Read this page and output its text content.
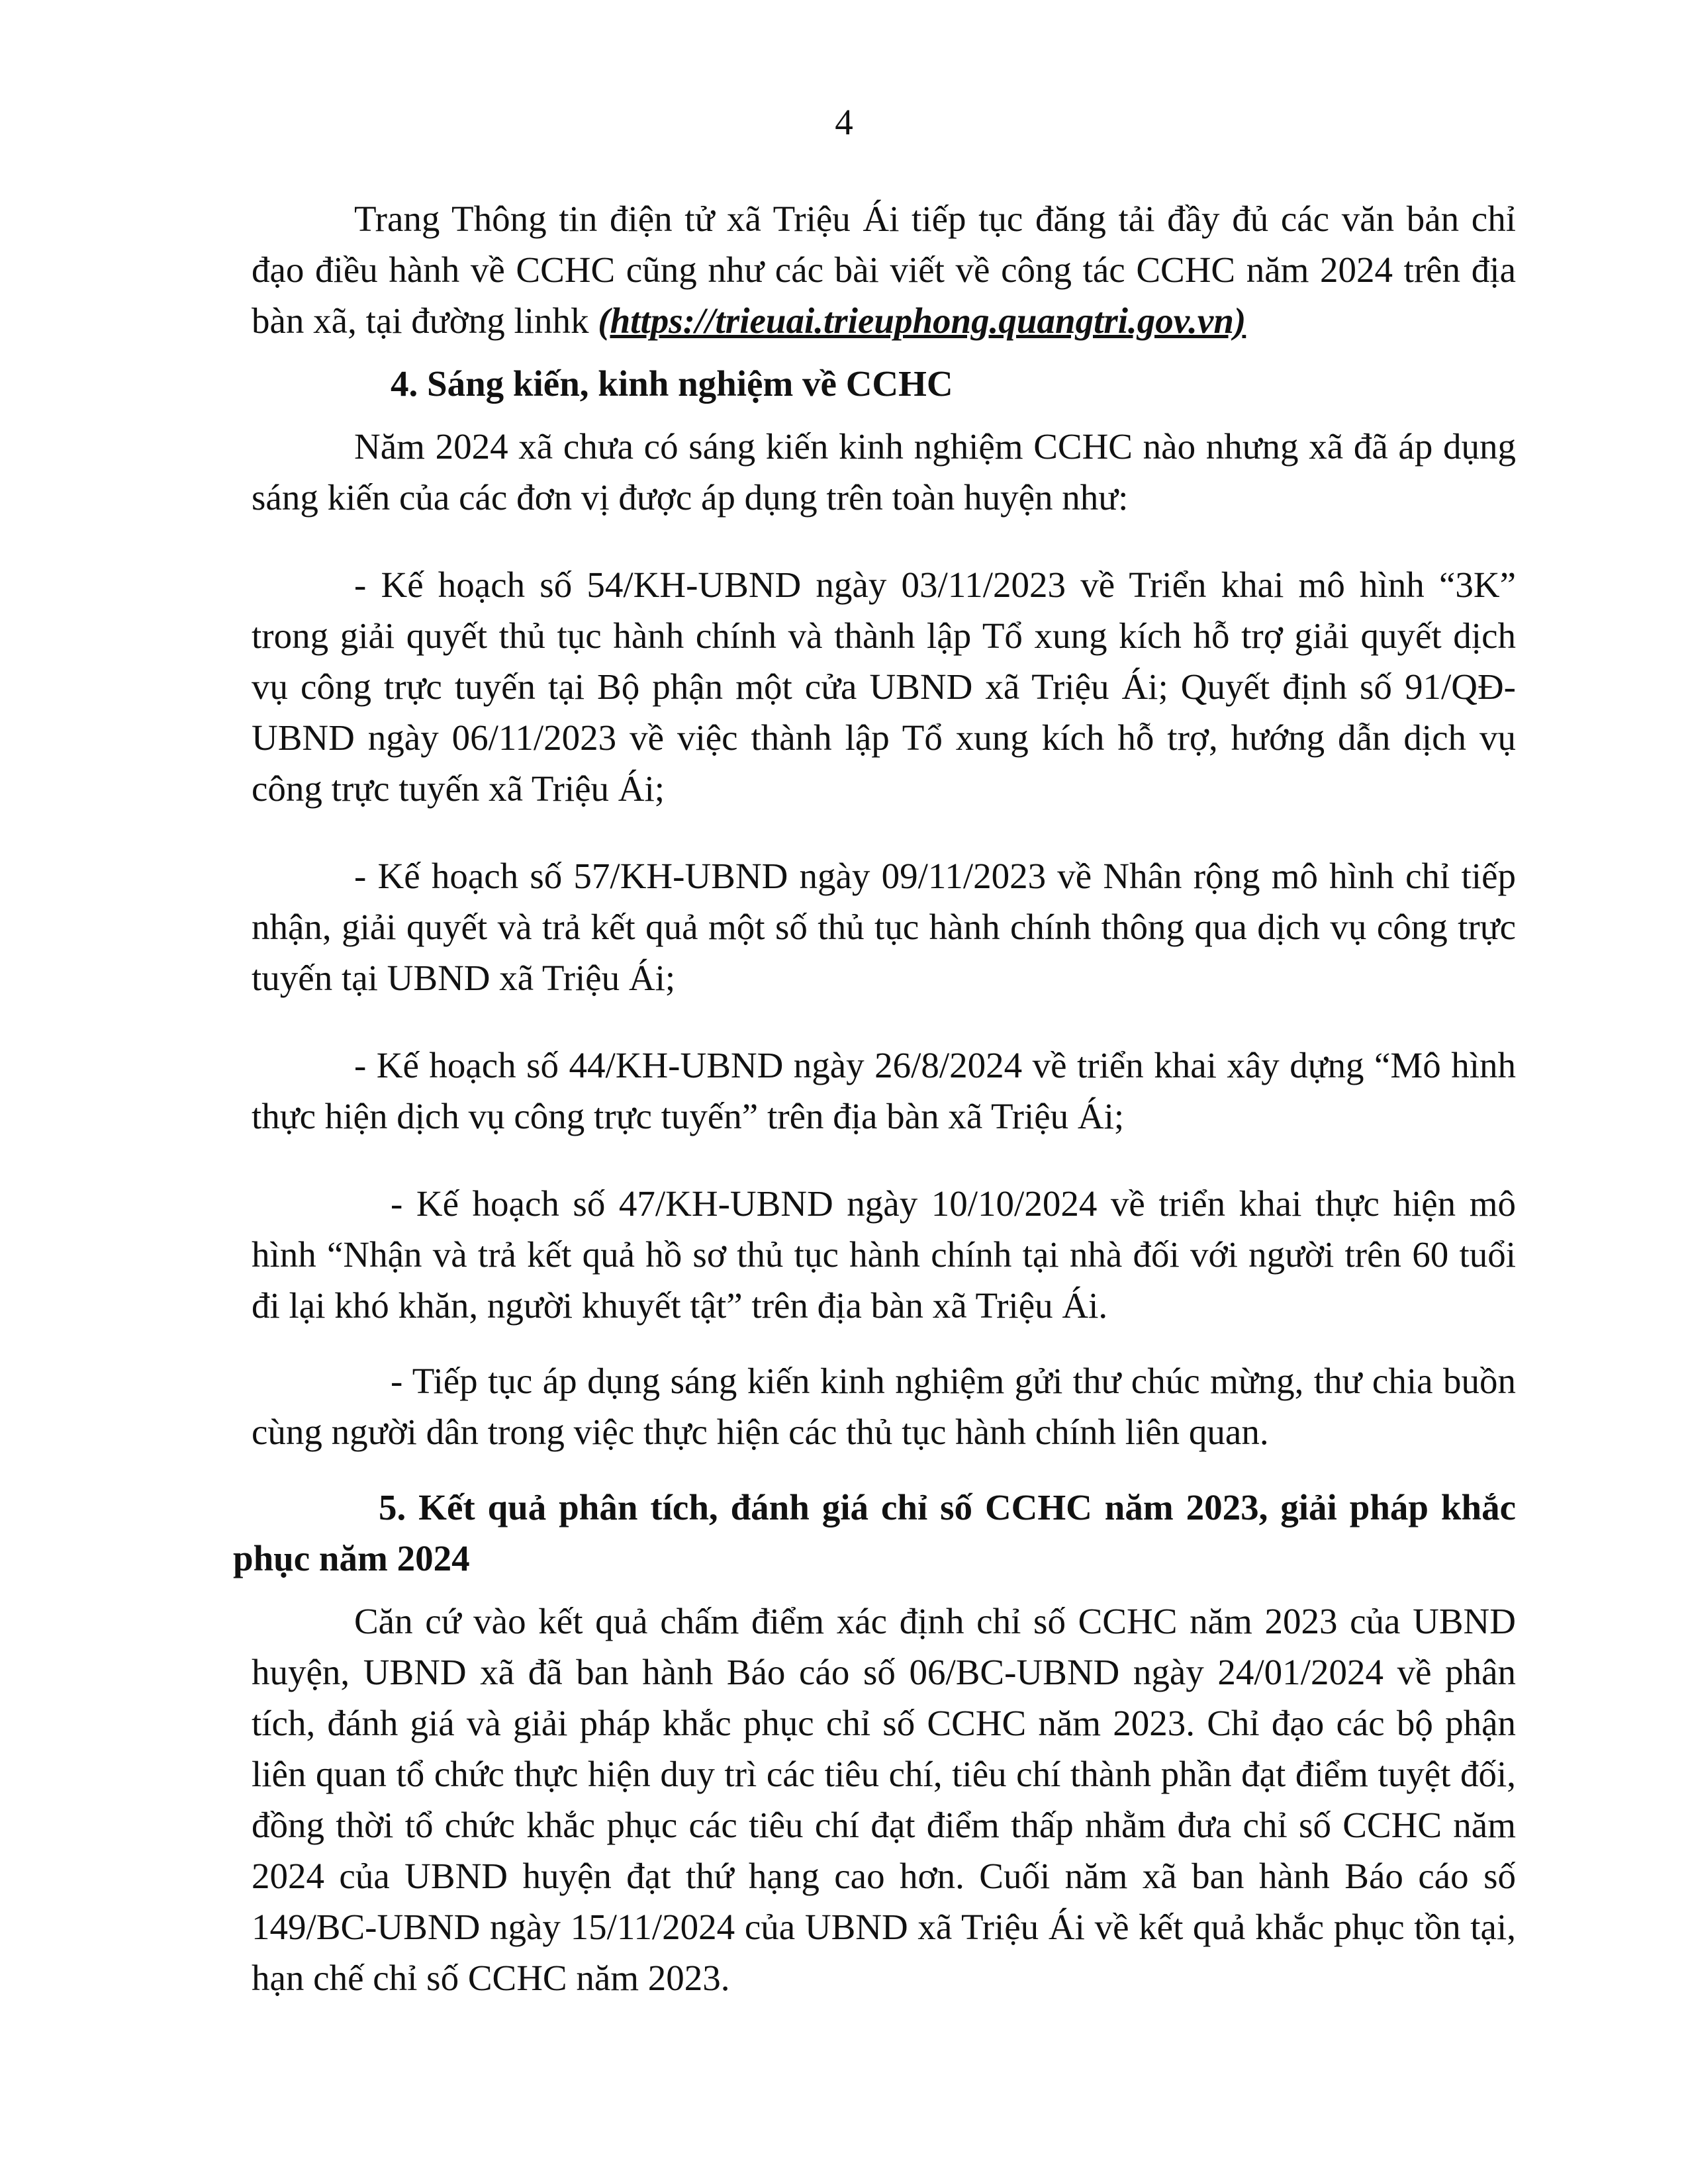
4

Trang Thông tin điện tử xã Triệu Ái tiếp tục đăng tải đầy đủ các văn bản chỉ đạo điều hành về CCHC cũng như các bài viết về công tác CCHC năm 2024 trên địa bàn xã, tại đường linhk (https://trieuai.trieuphong.quangtri.gov.vn)

4. Sáng kiến, kinh nghiệm về CCHC

Năm 2024 xã chưa có sáng kiến kinh nghiệm CCHC nào nhưng xã đã áp dụng sáng kiến của các đơn vị được áp dụng trên toàn huyện như:

- Kế hoạch số 54/KH-UBND ngày 03/11/2023 về Triển khai mô hình “3K” trong giải quyết thủ tục hành chính và thành lập Tổ xung kích hỗ trợ giải quyết dịch vụ công trực tuyến tại Bộ phận một cửa UBND xã Triệu Ái; Quyết định số 91/QĐ-UBND ngày 06/11/2023 về việc thành lập Tổ xung kích hỗ trợ, hướng dẫn dịch vụ công trực tuyến xã Triệu Ái;

- Kế hoạch số 57/KH-UBND ngày 09/11/2023 về Nhân rộng mô hình chỉ tiếp nhận, giải quyết và trả kết quả một số thủ tục hành chính thông qua dịch vụ công trực tuyến tại UBND xã Triệu Ái;

- Kế hoạch số 44/KH-UBND ngày 26/8/2024 về triển khai xây dựng “Mô hình thực hiện dịch vụ công trực tuyến” trên địa bàn xã Triệu Ái;

- Kế hoạch số 47/KH-UBND ngày 10/10/2024 về triển khai thực hiện mô hình “Nhận và trả kết quả hồ sơ thủ tục hành chính tại nhà đối với người trên 60 tuổi đi lại khó khăn, người khuyết tật” trên địa bàn xã Triệu Ái.

- Tiếp tục áp dụng sáng kiến kinh nghiệm gửi thư chúc mừng, thư chia buồn cùng người dân trong việc thực hiện các thủ tục hành chính liên quan.

5. Kết quả phân tích, đánh giá chỉ số CCHC năm 2023, giải pháp khắc phục năm 2024

Căn cứ vào kết quả chấm điểm xác định chỉ số CCHC năm 2023 của UBND huyện, UBND xã đã ban hành Báo cáo số 06/BC-UBND ngày 24/01/2024 về phân tích, đánh giá và giải pháp khắc phục chỉ số CCHC năm 2023. Chỉ đạo các bộ phận liên quan tổ chức thực hiện duy trì các tiêu chí, tiêu chí thành phần đạt điểm tuyệt đối, đồng thời tổ chức khắc phục các tiêu chí đạt điểm thấp nhằm đưa chỉ số CCHC năm 2024 của UBND huyện đạt thứ hạng cao hơn. Cuối năm xã ban hành Báo cáo số 149/BC-UBND ngày 15/11/2024 của UBND xã Triệu Ái về kết quả khắc phục tồn tại, hạn chế chỉ số CCHC năm 2023.
